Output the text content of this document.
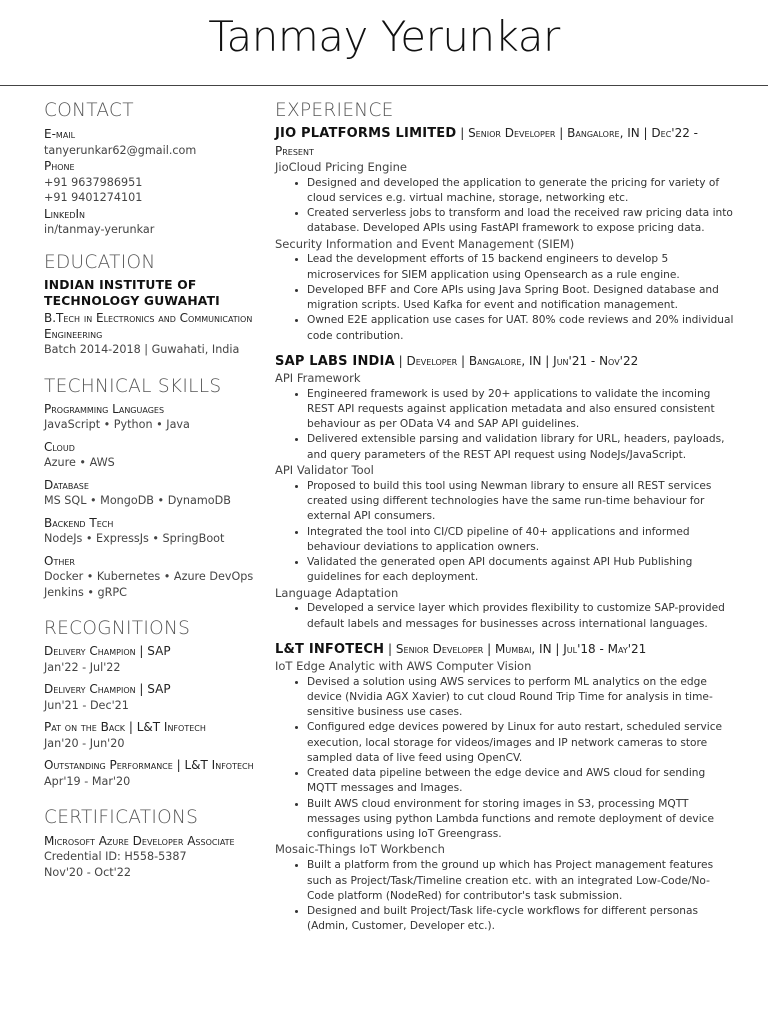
Tanmay Yerunkar
CONTACT
E-mail
tanyerunkar62@gmail.com
Phone
+91 9637986951
+91 9401274101
LinkedIn
in/tanmay-yerunkar
EDUCATION
INDIAN INSTITUTE OF TECHNOLOGY GUWAHATI
B.Tech in Electronics and Communication Engineering
Batch 2014-2018 | Guwahati, India
TECHNICAL SKILLS
Programming Languages
JavaScript • Python • Java
Cloud
Azure • AWS
Database
MS SQL • MongoDB • DynamoDB
Backend Tech
NodeJs • ExpressJs • SpringBoot
Other
Docker • Kubernetes • Azure DevOps
Jenkins • gRPC
RECOGNITIONS
Delivery Champion | SAP
Jan'22 - Jul'22
Delivery Champion | SAP
Jun'21 - Dec'21
Pat on the Back | L&T Infotech
Jan'20 - Jun'20
Outstanding Performance | L&T Infotech
Apr'19 - Mar'20
CERTIFICATIONS
Microsoft Azure Developer Associate
Credential ID: H558-5387
Nov'20 - Oct'22
EXPERIENCE
JIO PLATFORMS LIMITED | Senior Developer | Bangalore, IN | Dec'22 - Present
JioCloud Pricing Engine
• Designed and developed the application to generate the pricing for variety of cloud services e.g. virtual machine, storage, networking etc.
• Created serverless jobs to transform and load the received raw pricing data into database. Developed APIs using FastAPI framework to expose pricing data.
Security Information and Event Management (SIEM)
• Lead the development efforts of 15 backend engineers to develop 5 microservices for SIEM application using Opensearch as a rule engine.
• Developed BFF and Core APIs using Java Spring Boot. Designed database and migration scripts. Used Kafka for event and notification management.
• Owned E2E application use cases for UAT. 80% code reviews and 20% individual code contribution.
SAP LABS INDIA | Developer | Bangalore, IN | Jun'21 - Nov'22
API Framework
• Engineered framework is used by 20+ applications to validate the incoming REST API requests against application metadata and also ensured consistent behaviour as per OData V4 and SAP API guidelines.
• Delivered extensible parsing and validation library for URL, headers, payloads, and query parameters of the REST API request using NodeJs/JavaScript.
API Validator Tool
• Proposed to build this tool using Newman library to ensure all REST services created using different technologies have the same run-time behaviour for external API consumers.
• Integrated the tool into CI/CD pipeline of 40+ applications and informed behaviour deviations to application owners.
• Validated the generated open API documents against API Hub Publishing guidelines for each deployment.
Language Adaptation
• Developed a service layer which provides flexibility to customize SAP-provided default labels and messages for businesses across international languages.
L&T INFOTECH | Senior Developer | Mumbai, IN | Jul'18 - May'21
IoT Edge Analytic with AWS Computer Vision
• Devised a solution using AWS services to perform ML analytics on the edge device (Nvidia AGX Xavier) to cut cloud Round Trip Time for analysis in time-sensitive business use cases.
• Configured edge devices powered by Linux for auto restart, scheduled service execution, local storage for videos/images and IP network cameras to store sampled data of live feed using OpenCV.
• Created data pipeline between the edge device and AWS cloud for sending MQTT messages and Images.
• Built AWS cloud environment for storing images in S3, processing MQTT messages using python Lambda functions and remote deployment of device configurations using IoT Greengrass.
Mosaic-Things IoT Workbench
• Built a platform from the ground up which has Project management features such as Project/Task/Timeline creation etc. with an integrated Low-Code/No-Code platform (NodeRed) for contributor's task submission.
• Designed and built Project/Task life-cycle workflows for different personas (Admin, Customer, Developer etc.).
